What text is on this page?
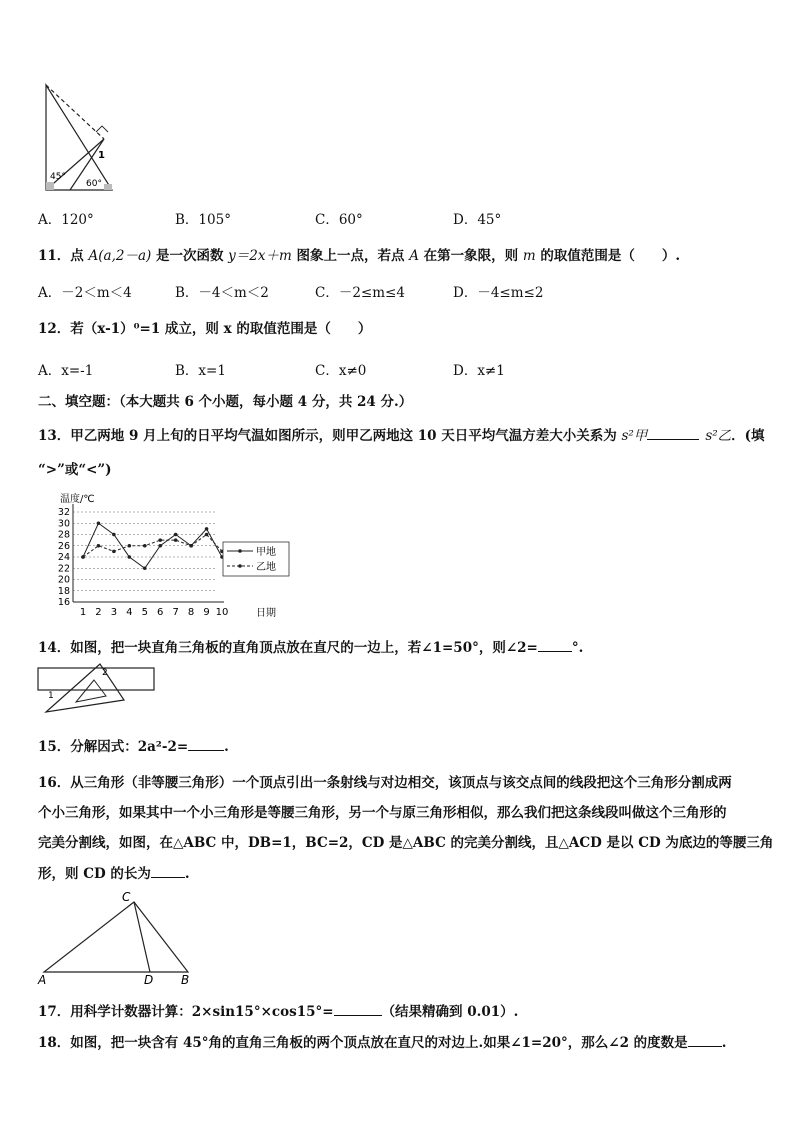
45°
60°
1
A．120°	B．105°	C．60°	D．45°
11．点 A(a,2－a) 是一次函数 y＝2x＋m 图象上一点，若点 A 在第一象限，则 m 的取值范围是（　　）.
A．－2＜m＜4	B．－4＜m＜2	C．－2≤m≤4	D．－4≤m≤2
12．若（x-1）⁰=1 成立，则 x 的取值范围是（　　）
A．x=-1	B．x=1	C．x≠0	D．x≠1
二、填空题：（本大题共 6 个小题，每小题 4 分，共 24 分.）
13．甲乙两地 9 月上旬的日平均气温如图所示，则甲乙两地这 10 天日平均气温方差大小关系为 s²甲	s²乙．(填
“>”或“<”)
温度/℃
日期
16
18
20
22
24
26
28
30
32
1 2 3 4 5 6 7 8 9 10
甲地
乙地
14．如图，把一块直角三角板的直角顶点放在直尺的一边上，若∠1=50°，则∠2=	°.
1
2
15．分解因式：2a²-2=	.
16．从三角形（非等腰三角形）一个顶点引出一条射线与对边相交，该顶点与该交点间的线段把这个三角形分割成两
个小三角形，如果其中一个小三角形是等腰三角形，另一个与原三角形相似，那么我们把这条线段叫做这个三角形的
完美分割线，如图，在△ABC 中，DB=1，BC=2，CD 是△ABC 的完美分割线，且△ACD 是以 CD 为底边的等腰三角
形，则 CD 的长为	.
C
A	D B
17．用科学计数器计算：2×sin15°×cos15°=	（结果精确到 0.01）.
18．如图，把一块含有 45°角的直角三角板的两个顶点放在直尺的对边上.如果∠1=20°，那么∠2 的度数是	.
